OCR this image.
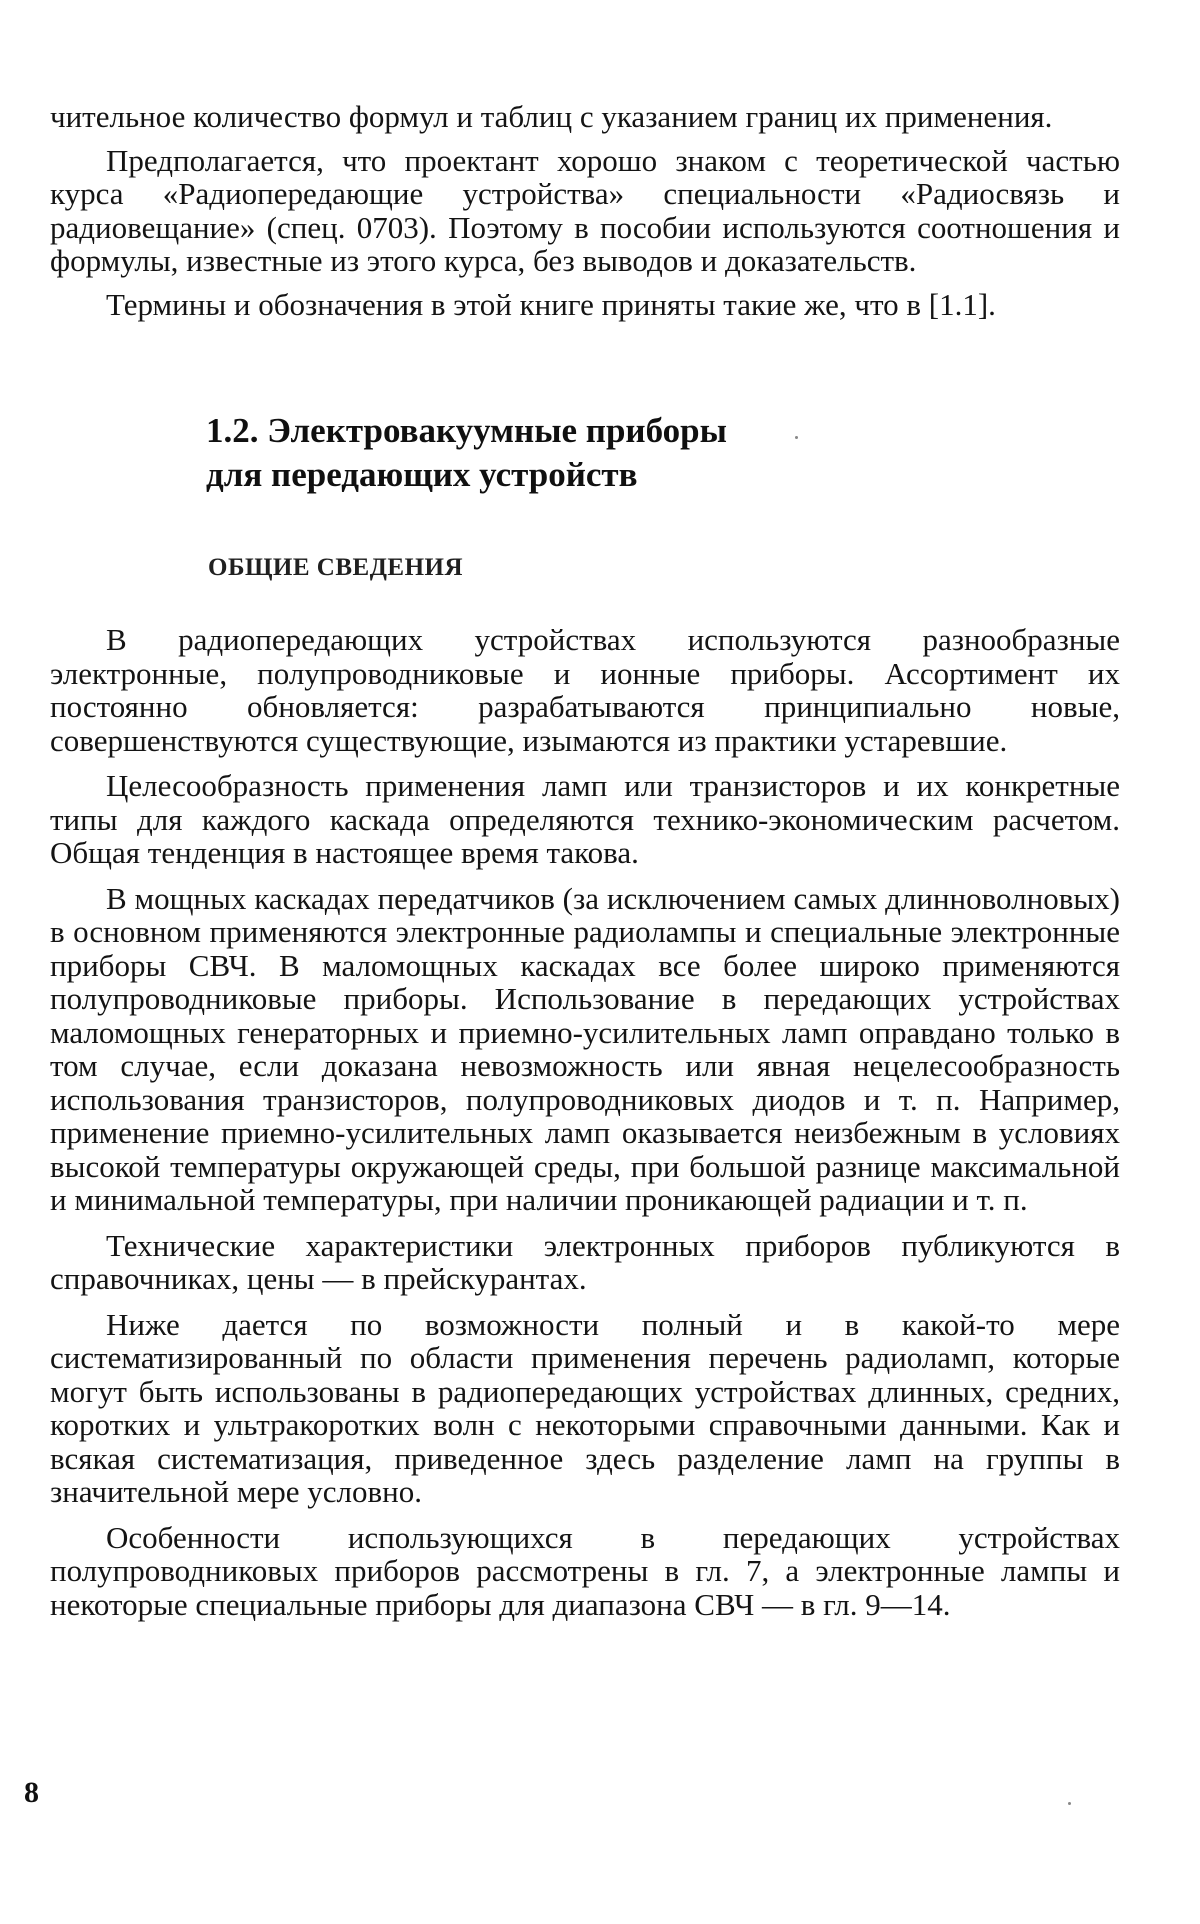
чительное количество формул и таблиц с указанием границ их применения.

Предполагается, что проектант хорошо знаком с теоретической частью курса «Радиопередающие устройства» специальности «Радиосвязь и радиовещание» (спец. 0703). Поэтому в пособии используются соотношения и формулы, известные из этого курса, без выводов и доказательств.

Термины и обозначения в этой книге приняты такие же, что в [1.1].

1.2. Электровакуумные приборы
для передающих устройств
ОБЩИЕ СВЕДЕНИЯ

В радиопередающих устройствах используются разнообразные электронные, полупроводниковые и ионные приборы. Ассортимент их постоянно обновляется: разрабатываются принципиально новые, совершенствуются существующие, изымаются из практики устаревшие.

Целесообразность применения ламп или транзисторов и их конкретные типы для каждого каскада определяются технико-экономическим расчетом. Общая тенденция в настоящее время такова.

В мощных каскадах передатчиков (за исключением самых длинноволновых) в основном применяются электронные радиолампы и специальные электронные приборы СВЧ. В маломощных каскадах все более широко применяются полупроводниковые приборы. Использование в передающих устройствах маломощных генераторных и приемно-усилительных ламп оправдано только в том случае, если доказана невозможность или явная нецелесообразность использования транзисторов, полупроводниковых диодов и т. п. Например, применение приемно-усилительных ламп оказывается неизбежным в условиях высокой температуры окружающей среды, при большой разнице максимальной и минимальной температуры, при наличии проникающей радиации и т. п.

Технические характеристики электронных приборов публикуются в справочниках, цены — в прейскурантах.

Ниже дается по возможности полный и в какой-то мере систематизированный по области применения перечень радиоламп, которые могут быть использованы в радиопередающих устройствах длинных, средних, коротких и ультракоротких волн с некоторыми справочными данными. Как и всякая систематизация, приведенное здесь разделение ламп на группы в значительной мере условно.

Особенности использующихся в передающих устройствах полупроводниковых приборов рассмотрены в гл. 7, а электронные лампы и некоторые специальные приборы для диапазона СВЧ — в гл. 9—14.

8
